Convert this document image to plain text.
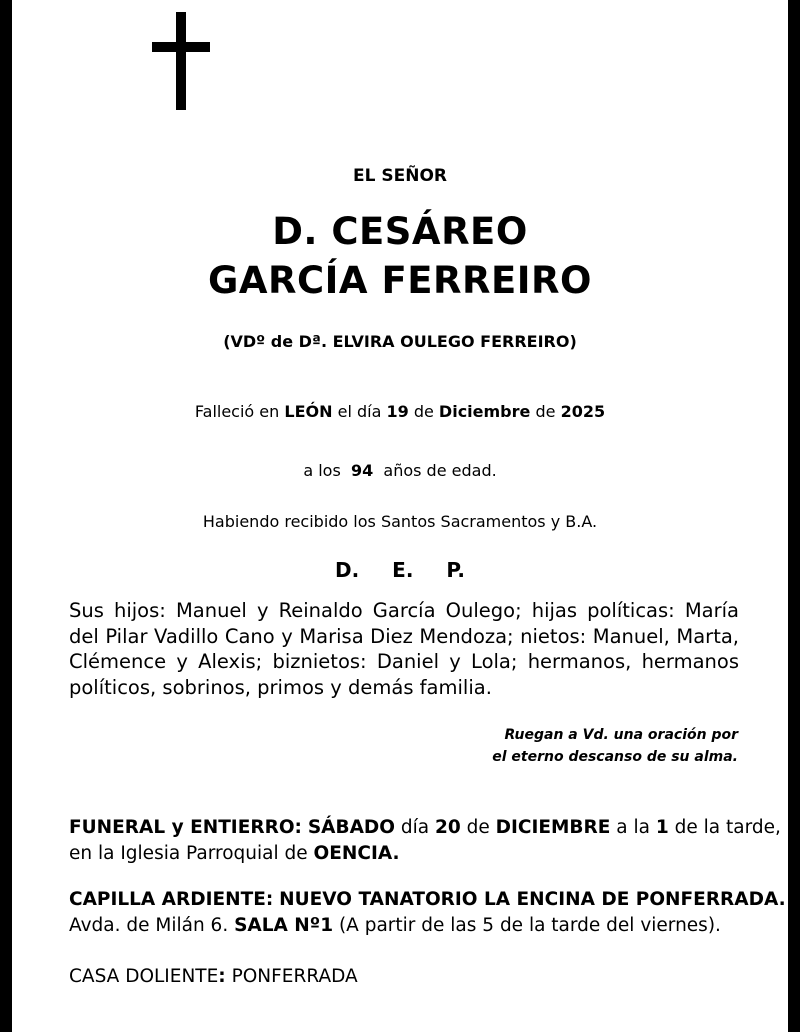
EL SEÑOR
D. CESÁREO
GARCÍA FERREIRO
(VDº de Dª. ELVIRA OULEGO FERREIRO)
Falleció en LEÓN el día 19 de Diciembre de 2025
a los 94 años de edad.
Habiendo recibido los Santos Sacramentos y B.A.
D. E. P.
Sus hijos: Manuel y Reinaldo García Oulego; hijas políticas: María del Pilar Vadillo Cano y Marisa Diez Mendoza; nietos: Manuel, Marta, Clémence y Alexis; biznietos: Daniel y Lola; hermanos, hermanos políticos, sobrinos, primos y demás familia.
Ruegan a Vd. una oración por
el eterno descanso de su alma.
FUNERAL y ENTIERRO: SÁBADO día 20 de DICIEMBRE a la 1 de la tarde,
en la Iglesia Parroquial de OENCIA.
CAPILLA ARDIENTE: NUEVO TANATORIO LA ENCINA DE PONFERRADA.
Avda. de Milán 6. SALA Nº1 (A partir de las 5 de la tarde del viernes).
CASA DOLIENTE: PONFERRADA
